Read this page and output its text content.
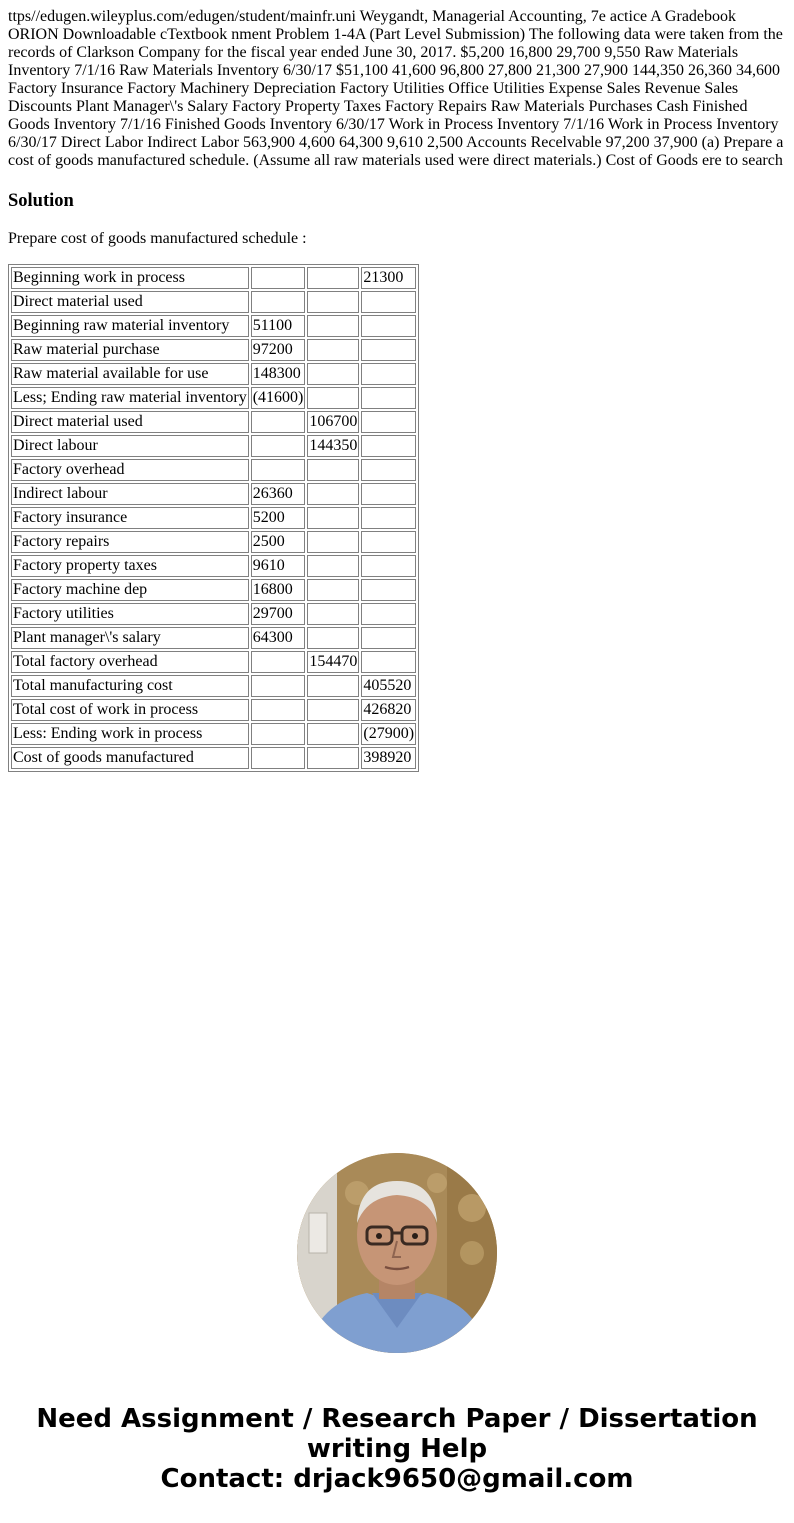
ttps//edugen.wileyplus.com/edugen/student/mainfr.uni Weygandt, Managerial Accounting, 7e actice A Gradebook ORION Downloadable cTextbook nment Problem 1-4A (Part Level Submission) The following data were taken from the records of Clarkson Company for the fiscal year ended June 30, 2017. $5,200 16,800 29,700 9,550 Raw Materials Inventory 7/1/16 Raw Materials Inventory 6/30/17 $51,100 41,600 96,800 27,800 21,300 27,900 144,350 26,360 34,600 Factory Insurance Factory Machinery Depreciation Factory Utilities Office Utilities Expense Sales Revenue Sales Discounts Plant Manager\'s Salary Factory Property Taxes Factory Repairs Raw Materials Purchases Cash Finished Goods Inventory 7/1/16 Finished Goods Inventory 6/30/17 Work in Process Inventory 7/1/16 Work in Process Inventory 6/30/17 Direct Labor Indirect Labor 563,900 4,600 64,300 9,610 2,500 Accounts Recelvable 97,200 37,900 (a) Prepare a cost of goods manufactured schedule. (Assume all raw materials used were direct materials.) Cost of Goods ere to search

Solution

Prepare cost of goods manufactured schedule :

Beginning work in process			21300
Direct material used			
Beginning raw material inventory	51100		
Raw material purchase	97200		
Raw material available for use	148300		
Less; Ending raw material inventory	(41600)		
Direct material used		106700	
Direct labour		144350	
Factory overhead			
Indirect labour	26360		
Factory insurance	5200		
Factory repairs	2500		
Factory property taxes	9610		
Factory machine dep	16800		
Factory utilities	29700		
Plant manager\'s salary	64300		
Total factory overhead		154470	
Total manufacturing cost			405520
Total cost of work in process			426820
Less: Ending work in process			(27900)
Cost of goods manufactured			398920
Need Assignment / Research Paper / Dissertation
writing Help
Contact: drjack9650@gmail.com
